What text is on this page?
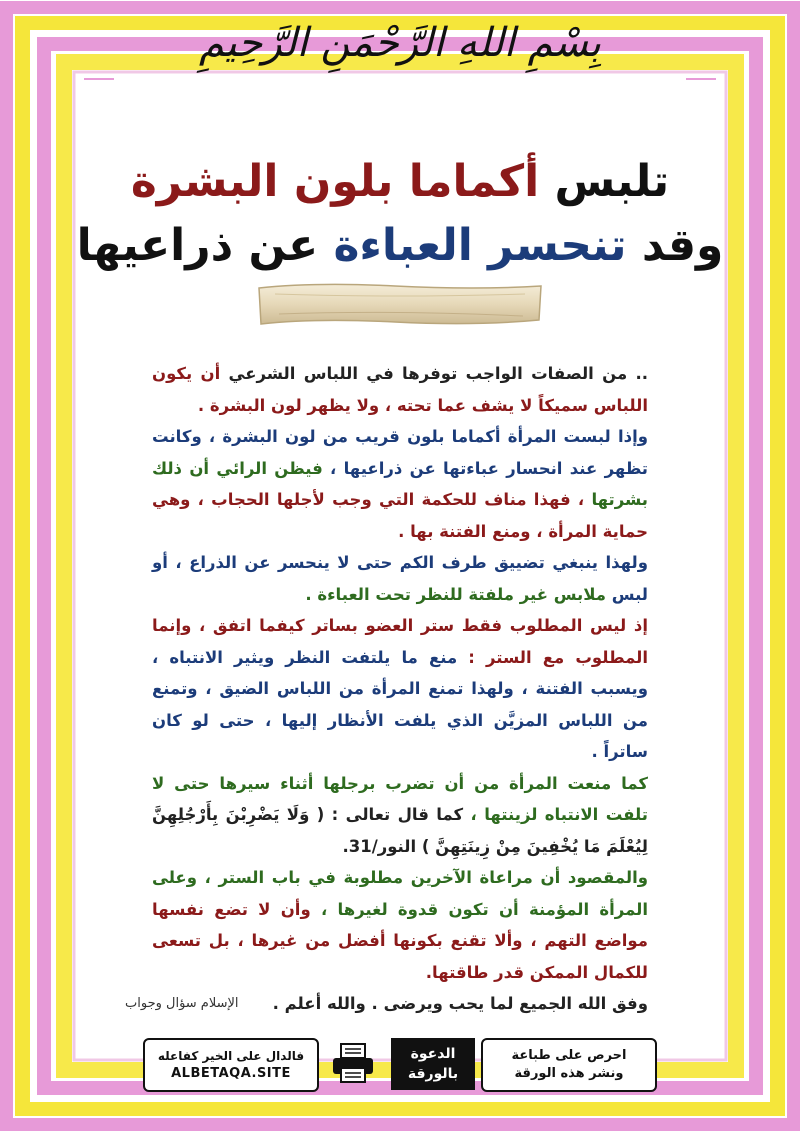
بِسْمِ اللهِ الرَّحْمَنِ الرَّحِيمِ
تلبس أكماما بلون البشرة
وقد تنحسر العباءة عن ذراعيها

.. من الصفات الواجب توفرها في اللباس الشرعي أن يكون اللباس سميكاً لا يشف عما تحته ، ولا يظهر لون البشرة .

وإذا لبست المرأة أكماما بلون قريب من لون البشرة ، وكانت تظهر عند انحسار عباءتها عن ذراعيها ، فيظن الرائي أن ذلك بشرتها ، فهذا مناف للحكمة التي وجب لأجلها الحجاب ، وهي حماية المرأة ، ومنع الفتنة بها .

ولهذا ينبغي تضييق طرف الكم حتى لا ينحسر عن الذراع ، أو لبس ملابس غير ملفتة للنظر تحت العباءة .

إذ ليس المطلوب فقط ستر العضو بساتر كيفما اتفق ، وإنما المطلوب مع الستر : منع ما يلتفت النظر ويثير الانتباه ، ويسبب الفتنة ، ولهذا تمنع المرأة من اللباس الضيق ، وتمنع من اللباس المزيَّن الذي يلفت الأنظار إليها ، حتى لو كان ساتراً .

كما منعت المرأة من أن تضرب برجلها أثناء سيرها حتى لا تلفت الانتباه لزينتها ، كما قال تعالى : ( وَلَا يَضْرِبْنَ بِأَرْجُلِهِنَّ لِيُعْلَمَ مَا يُخْفِينَ مِنْ زِينَتِهِنَّ ) النور/31.

والمقصود أن مراعاة الآخرين مطلوبة في باب الستر ، وعلى المرأة المؤمنة أن تكون قدوة لغيرها ، وأن لا تضع نفسها مواضع التهم ، وألا تقنع بكونها أفضل من غيرها ، بل تسعى للكمال الممكن قدر طاقتها.

وفق الله الجميع لما يحب ويرضى . والله أعلم .

الإسلام سؤال وجواب
فالدال على الخير كفاعله
ALBETAQA.SITE
الدعوة
بالورقة
احرص على طباعة
ونشر هذه الورقة
